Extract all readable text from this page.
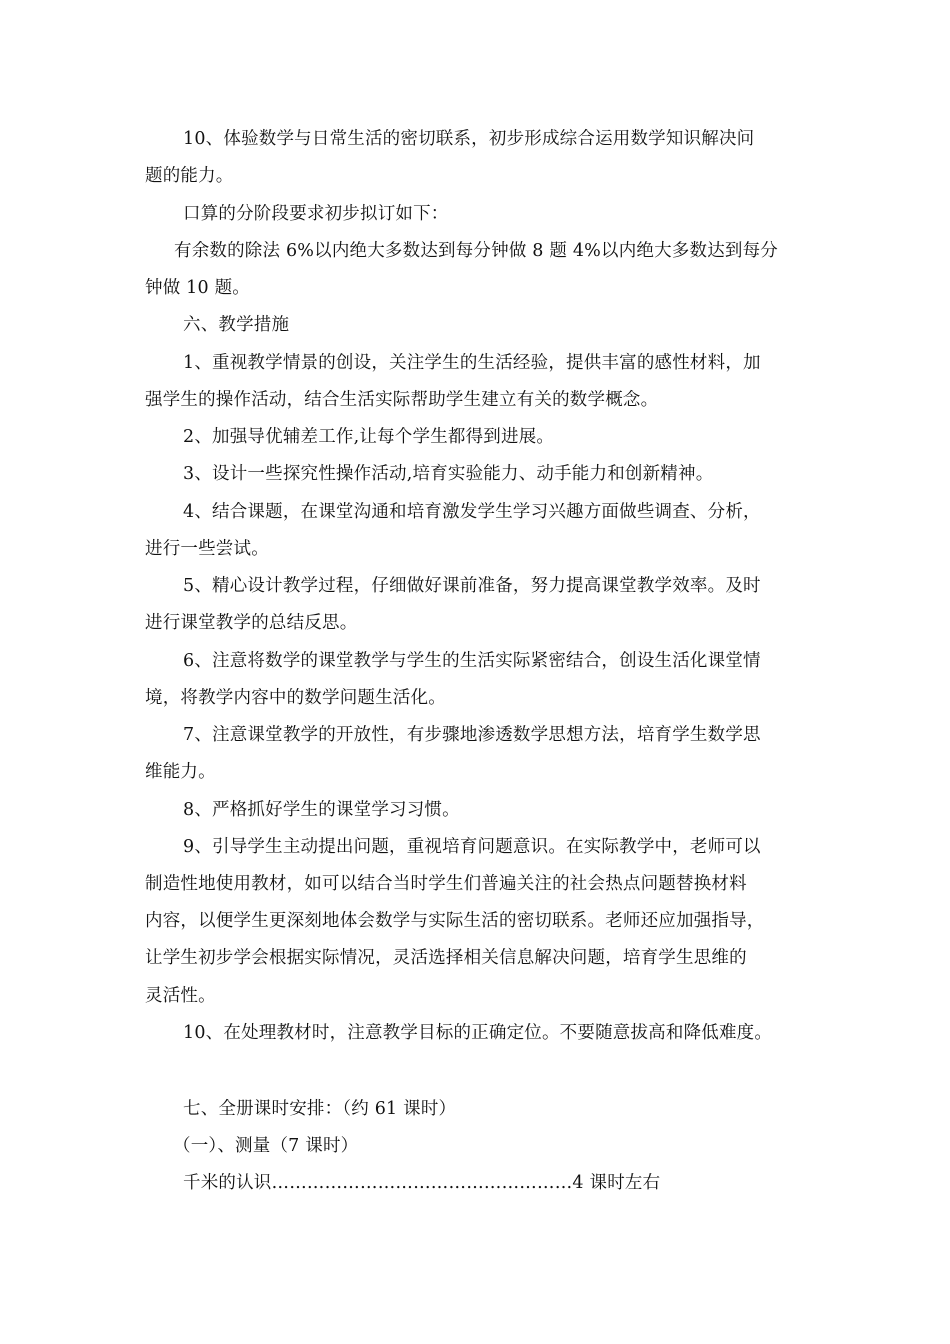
10、体验数学与日常生活的密切联系，初步形成综合运用数学知识解决问
题的能力。
口算的分阶段要求初步拟订如下：
有余数的除法 6%以内绝大多数达到每分钟做 8 题 4%以内绝大多数达到每分
钟做 10 题。
六、教学措施
1、重视教学情景的创设，关注学生的生活经验，提供丰富的感性材料，加
强学生的操作活动，结合生活实际帮助学生建立有关的数学概念。
2、加强导优辅差工作,让每个学生都得到进展。
3、设计一些探究性操作活动,培育实验能力、动手能力和创新精神。
4、结合课题，在课堂沟通和培育激发学生学习兴趣方面做些调查、分析，
进行一些尝试。
5、精心设计教学过程，仔细做好课前准备，努力提高课堂教学效率。及时
进行课堂教学的总结反思。
6、注意将数学的课堂教学与学生的生活实际紧密结合，创设生活化课堂情
境，将教学内容中的数学问题生活化。
7、注意课堂教学的开放性，有步骤地渗透数学思想方法，培育学生数学思
维能力。
8、严格抓好学生的课堂学习习惯。
9、引导学生主动提出问题，重视培育问题意识。在实际教学中，老师可以
制造性地使用教材，如可以结合当时学生们普遍关注的社会热点问题替换材料
内容，以便学生更深刻地体会数学与实际生活的密切联系。老师还应加强指导，
让学生初步学会根据实际情况，灵活选择相关信息解决问题，培育学生思维的
灵活性。
10、在处理教材时，注意教学目标的正确定位。不要随意拔高和降低难度。
七、全册课时安排：（约 61 课时）
（一）、测量（7 课时）
千米的认识……………………………………………4 课时左右
